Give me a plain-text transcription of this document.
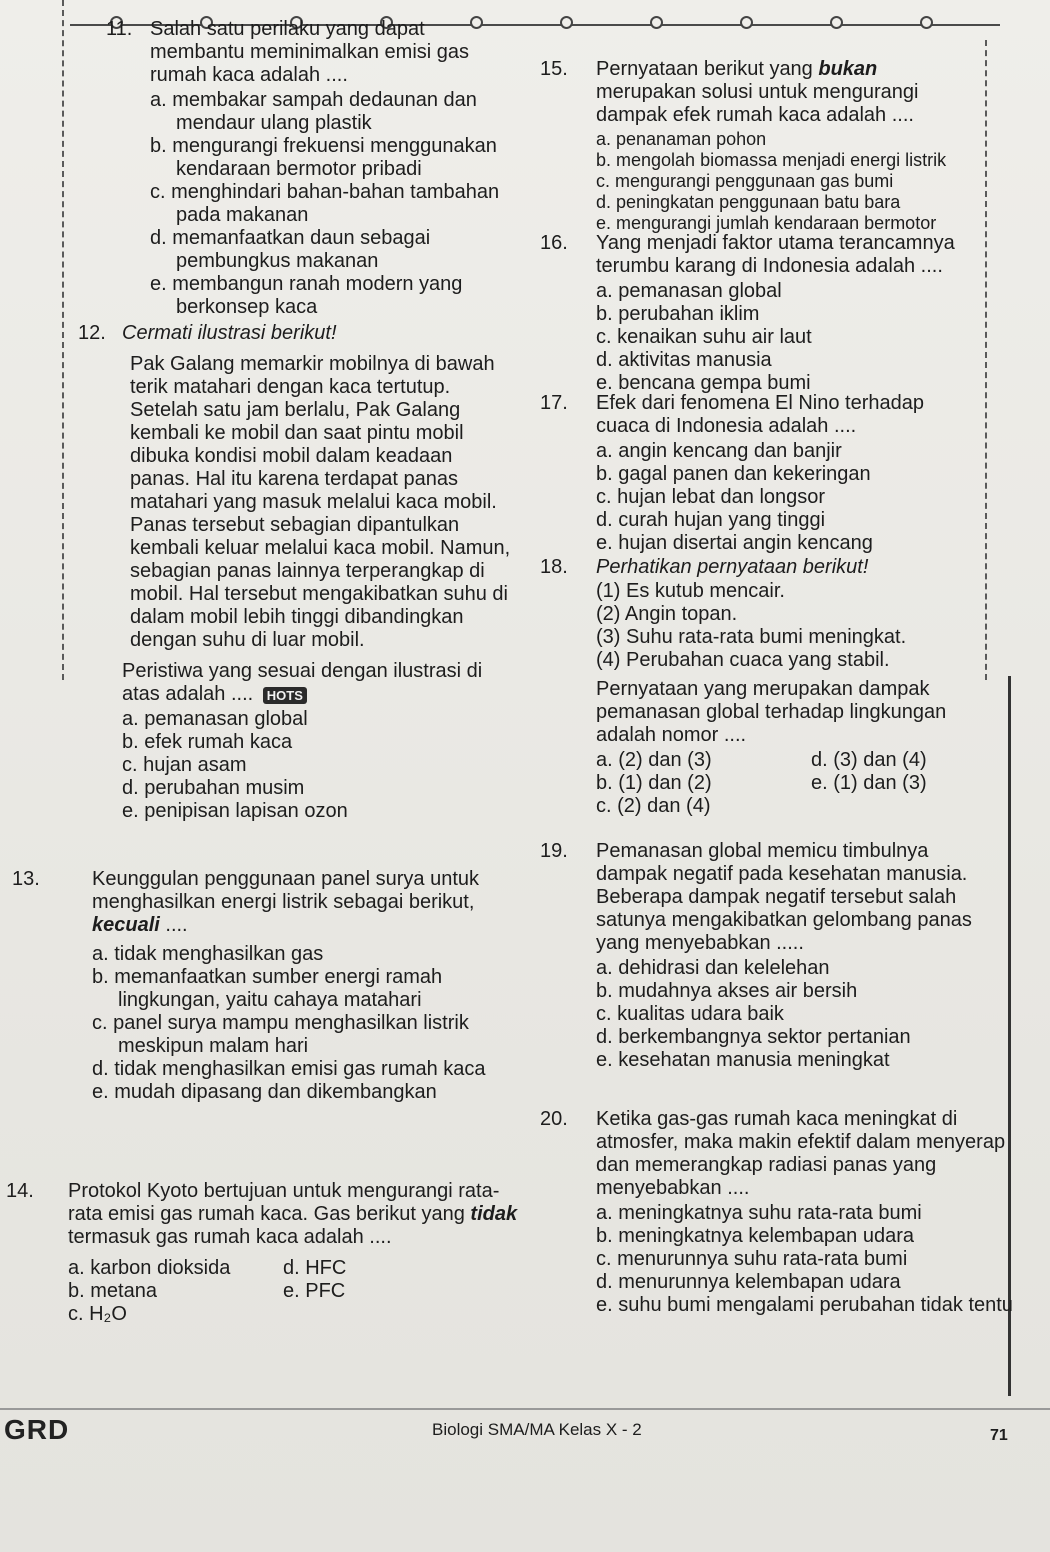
11. Salah satu perilaku yang dapat membantu meminimalkan emisi gas rumah kaca adalah ....

a. membakar sampah dedaunan dan mendaur ulang plastik

b. mengurangi frekuensi menggunakan kendaraan bermotor pribadi

c. menghindari bahan-bahan tambahan pada makanan

d. memanfaatkan daun sebagai pembungkus makanan

e. membangun ranah modern yang berkonsep kaca

12. Cermati ilustrasi berikut!

Pak Galang memarkir mobilnya di bawah terik matahari dengan kaca tertutup. Setelah satu jam berlalu, Pak Galang kembali ke mobil dan saat pintu mobil dibuka kondisi mobil dalam keadaan panas. Hal itu karena terdapat panas matahari yang masuk melalui kaca mobil. Panas tersebut sebagian dipantulkan kembali keluar melalui kaca mobil. Namun, sebagian panas lainnya terperangkap di mobil. Hal tersebut mengakibatkan suhu di dalam mobil lebih tinggi dibandingkan dengan suhu di luar mobil.

Peristiwa yang sesuai dengan ilustrasi di atas adalah .... HOTS

a. pemanasan global

b. efek rumah kaca

c. hujan asam

d. perubahan musim

e. penipisan lapisan ozon

13.	Keunggulan penggunaan panel surya untuk menghasilkan energi listrik sebagai berikut, kecuali ....

a. tidak menghasilkan gas

b. memanfaatkan sumber energi ramah lingkungan, yaitu cahaya matahari

c. panel surya mampu menghasilkan listrik meskipun malam hari

d. tidak menghasilkan emisi gas rumah kaca

e. mudah dipasang dan dikembangkan

14. Protokol Kyoto bertujuan untuk mengurangi rata-rata emisi gas rumah kaca. Gas berikut yang tidak termasuk gas rumah kaca adalah ....

a. karbon dioksida	d. HFC
b. metana	e. PFC
c. H₂O
15. Pernyataan berikut yang bukan merupakan solusi untuk mengurangi dampak efek rumah kaca adalah ....

a. penanaman pohon

b. mengolah biomassa menjadi energi listrik

c. mengurangi penggunaan gas bumi

d. peningkatan penggunaan batu bara

e. mengurangi jumlah kendaraan bermotor

16. Yang menjadi faktor utama terancamnya terumbu karang di Indonesia adalah ....

a. pemanasan global

b. perubahan iklim

c. kenaikan suhu air laut

d. aktivitas manusia

e. bencana gempa bumi

17. Efek dari fenomena El Nino terhadap cuaca di Indonesia adalah ....

a. angin kencang dan banjir

b. gagal panen dan kekeringan

c. hujan lebat dan longsor

d. curah hujan yang tinggi

e. hujan disertai angin kencang

18. Perhatikan pernyataan berikut!

(1) Es kutub mencair.

(2) Angin topan.

(3) Suhu rata-rata bumi meningkat.

(4) Perubahan cuaca yang stabil.

Pernyataan yang merupakan dampak pemanasan global terhadap lingkungan adalah nomor ....

a. (2) dan (3)	d. (3) dan (4)
b. (1) dan (2)	e. (1) dan (3)
c. (2) dan (4)
19. Pemanasan global memicu timbulnya dampak negatif pada kesehatan manusia. Beberapa dampak negatif tersebut salah satunya mengakibatkan gelombang panas yang menyebabkan .....

a. dehidrasi dan kelelehan

b. mudahnya akses air bersih

c. kualitas udara baik

d. berkembangnya sektor pertanian

e. kesehatan manusia meningkat

20. Ketika gas-gas rumah kaca meningkat di atmosfer, maka makin efektif dalam menyerap dan memerangkap radiasi panas yang menyebabkan ....

a. meningkatnya suhu rata-rata bumi

b. meningkatnya kelembapan udara

c. menurunnya suhu rata-rata bumi

d. menurunnya kelembapan udara

e. suhu bumi mengalami perubahan tidak tentu

GRD	Biologi SMA/MA Kelas X - 2	71
